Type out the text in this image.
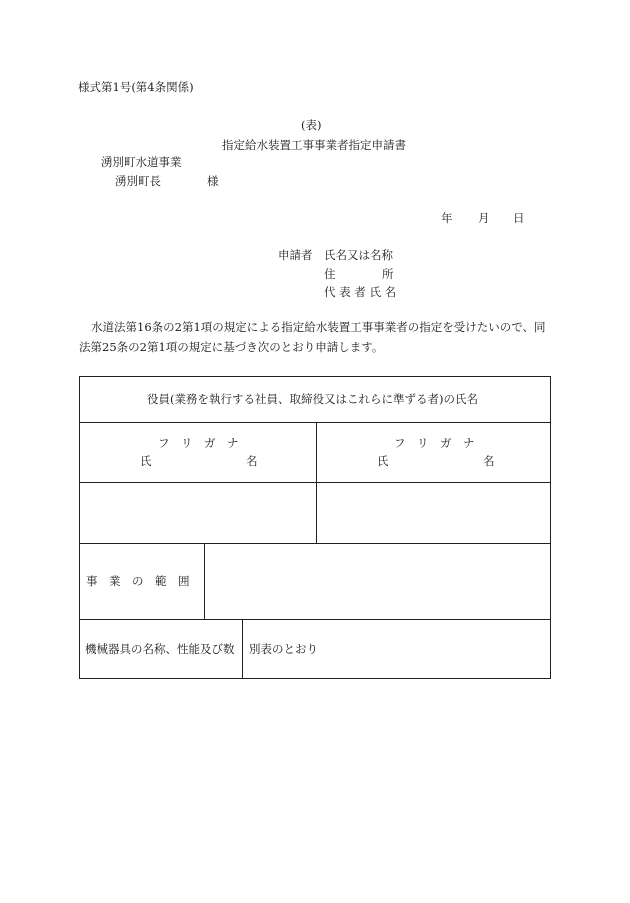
様式第1号(第4条関係)
(表)
指定給水装置工事事業者指定申請書
湧別町水道事業
湧別町長	様
年 月 日
申請者 氏名又は名称
住	所
代 表 者 氏 名
水道法第16条の2第1項の規定による指定給水装置工事事業者の指定を受けたいので、同
法第25条の2第1項の規定に基づき次のとおり申請します。
役員(業務を執行する社員、取締役又はこれらに準ずる者)の氏名
フ　リ　ガ　ナ
氏	名
フ　リ　ガ　ナ
氏	名
事　業　の　範　囲
機械器具の名称、性能及び数 別表のとおり
